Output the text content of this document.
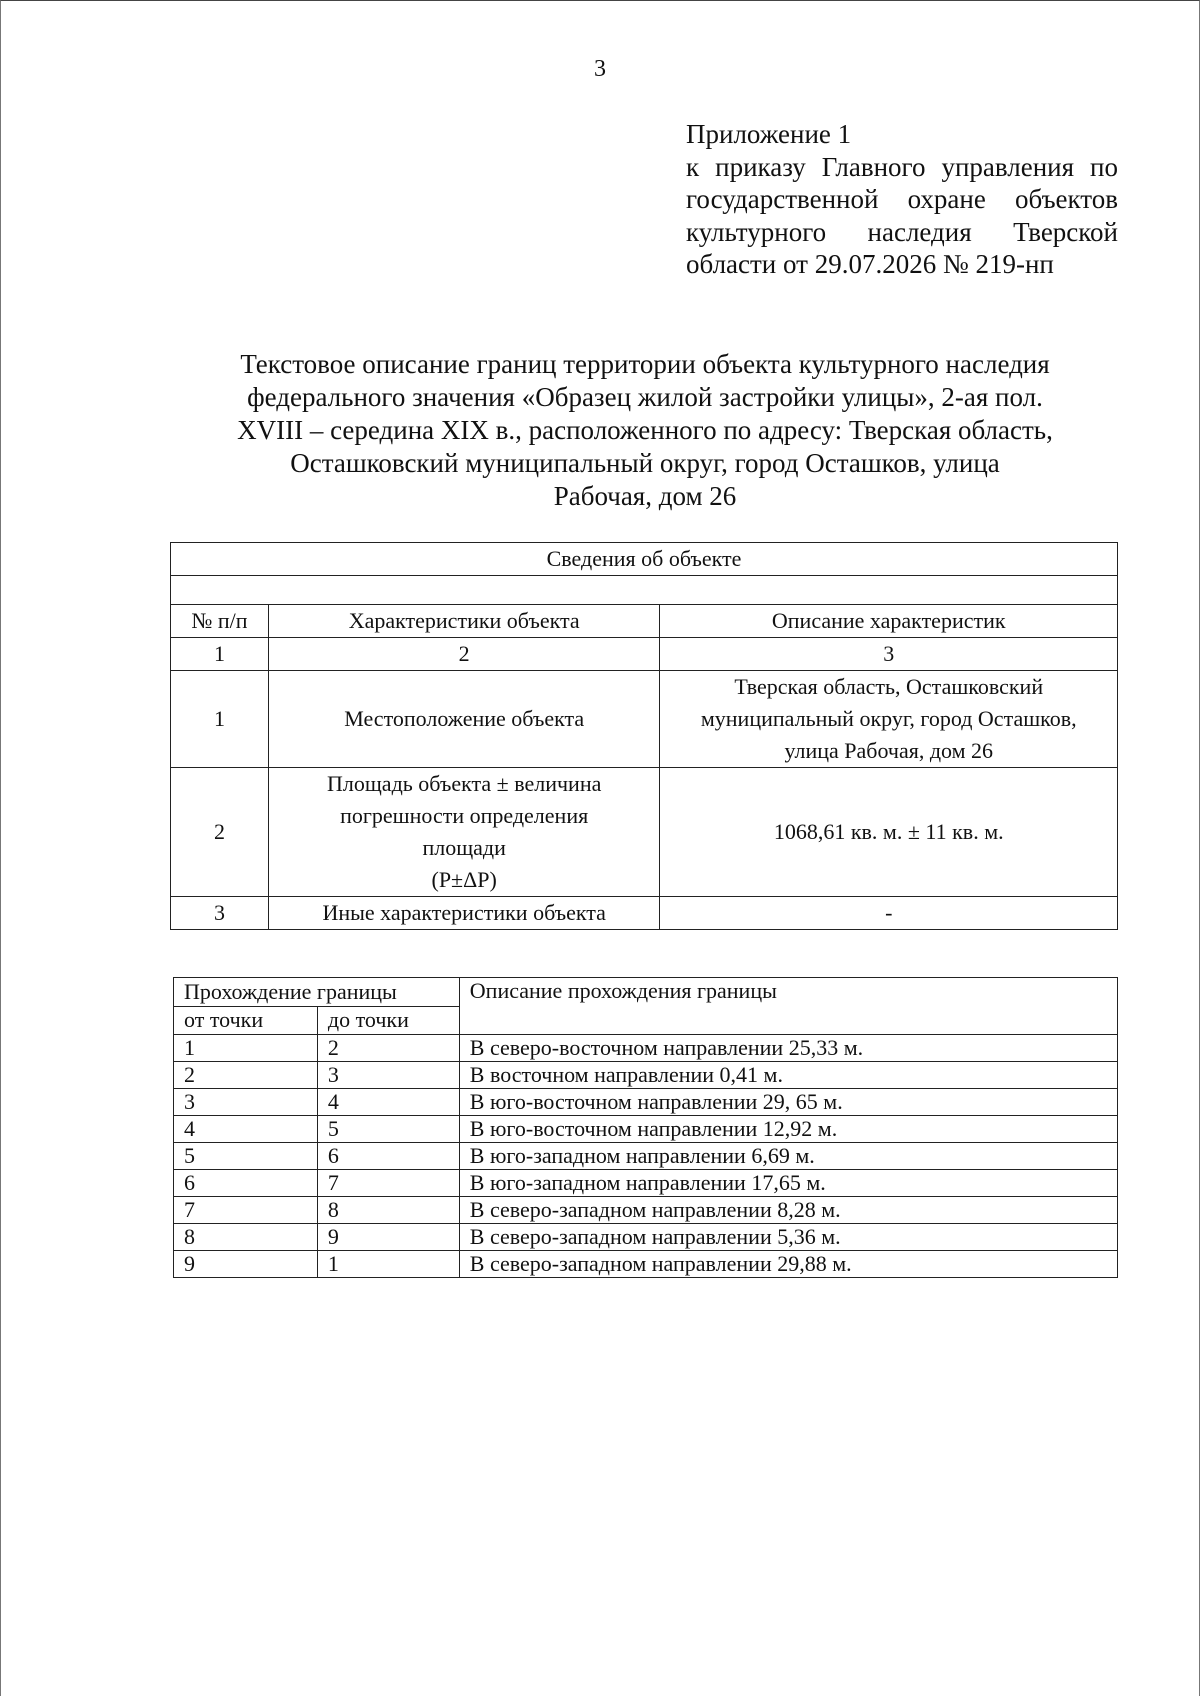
3
Приложение 1
к приказу Главного управления по
государственной охране объектов
культурного наследия Тверской
области от 29.07.2026 № 219-нп
Текстовое описание границ территории объекта культурного наследия
федерального значения «Образец жилой застройки улицы», 2-ая пол.
XVIII – середина XIX в., расположенного по адресу: Тверская область,
Осташковский муниципальный округ, город Осташков, улица
Рабочая, дом 26
Сведения об объекте		

№ п/п	Характеристики объекта	Описание характеристик
1	2	3
1	Местоположение объекта	Тверская область, Осташковский
муниципальный округ, город Осташков,
улица Рабочая, дом 26

2	Площадь объекта ± величина
погрешности определения
площади
(P±ΔP)	1068,61 кв. м. ± 11 кв. м.

3	Иные характеристики объекта	-
Прохождение границы		Описание прохождения границы
от точки	до точки	
1	2	В северо-восточном направлении 25,33 м.
2	3	В восточном направлении 0,41 м.
3	4	В юго-восточном направлении 29, 65 м.
4	5	В юго-восточном направлении 12,92 м.
5	6	В юго-западном направлении 6,69 м.
6	7	В юго-западном направлении 17,65 м.
7	8	В северо-западном направлении 8,28 м.
8	9	В северо-западном направлении 5,36 м.
9	1	В северо-западном направлении 29,88 м.
